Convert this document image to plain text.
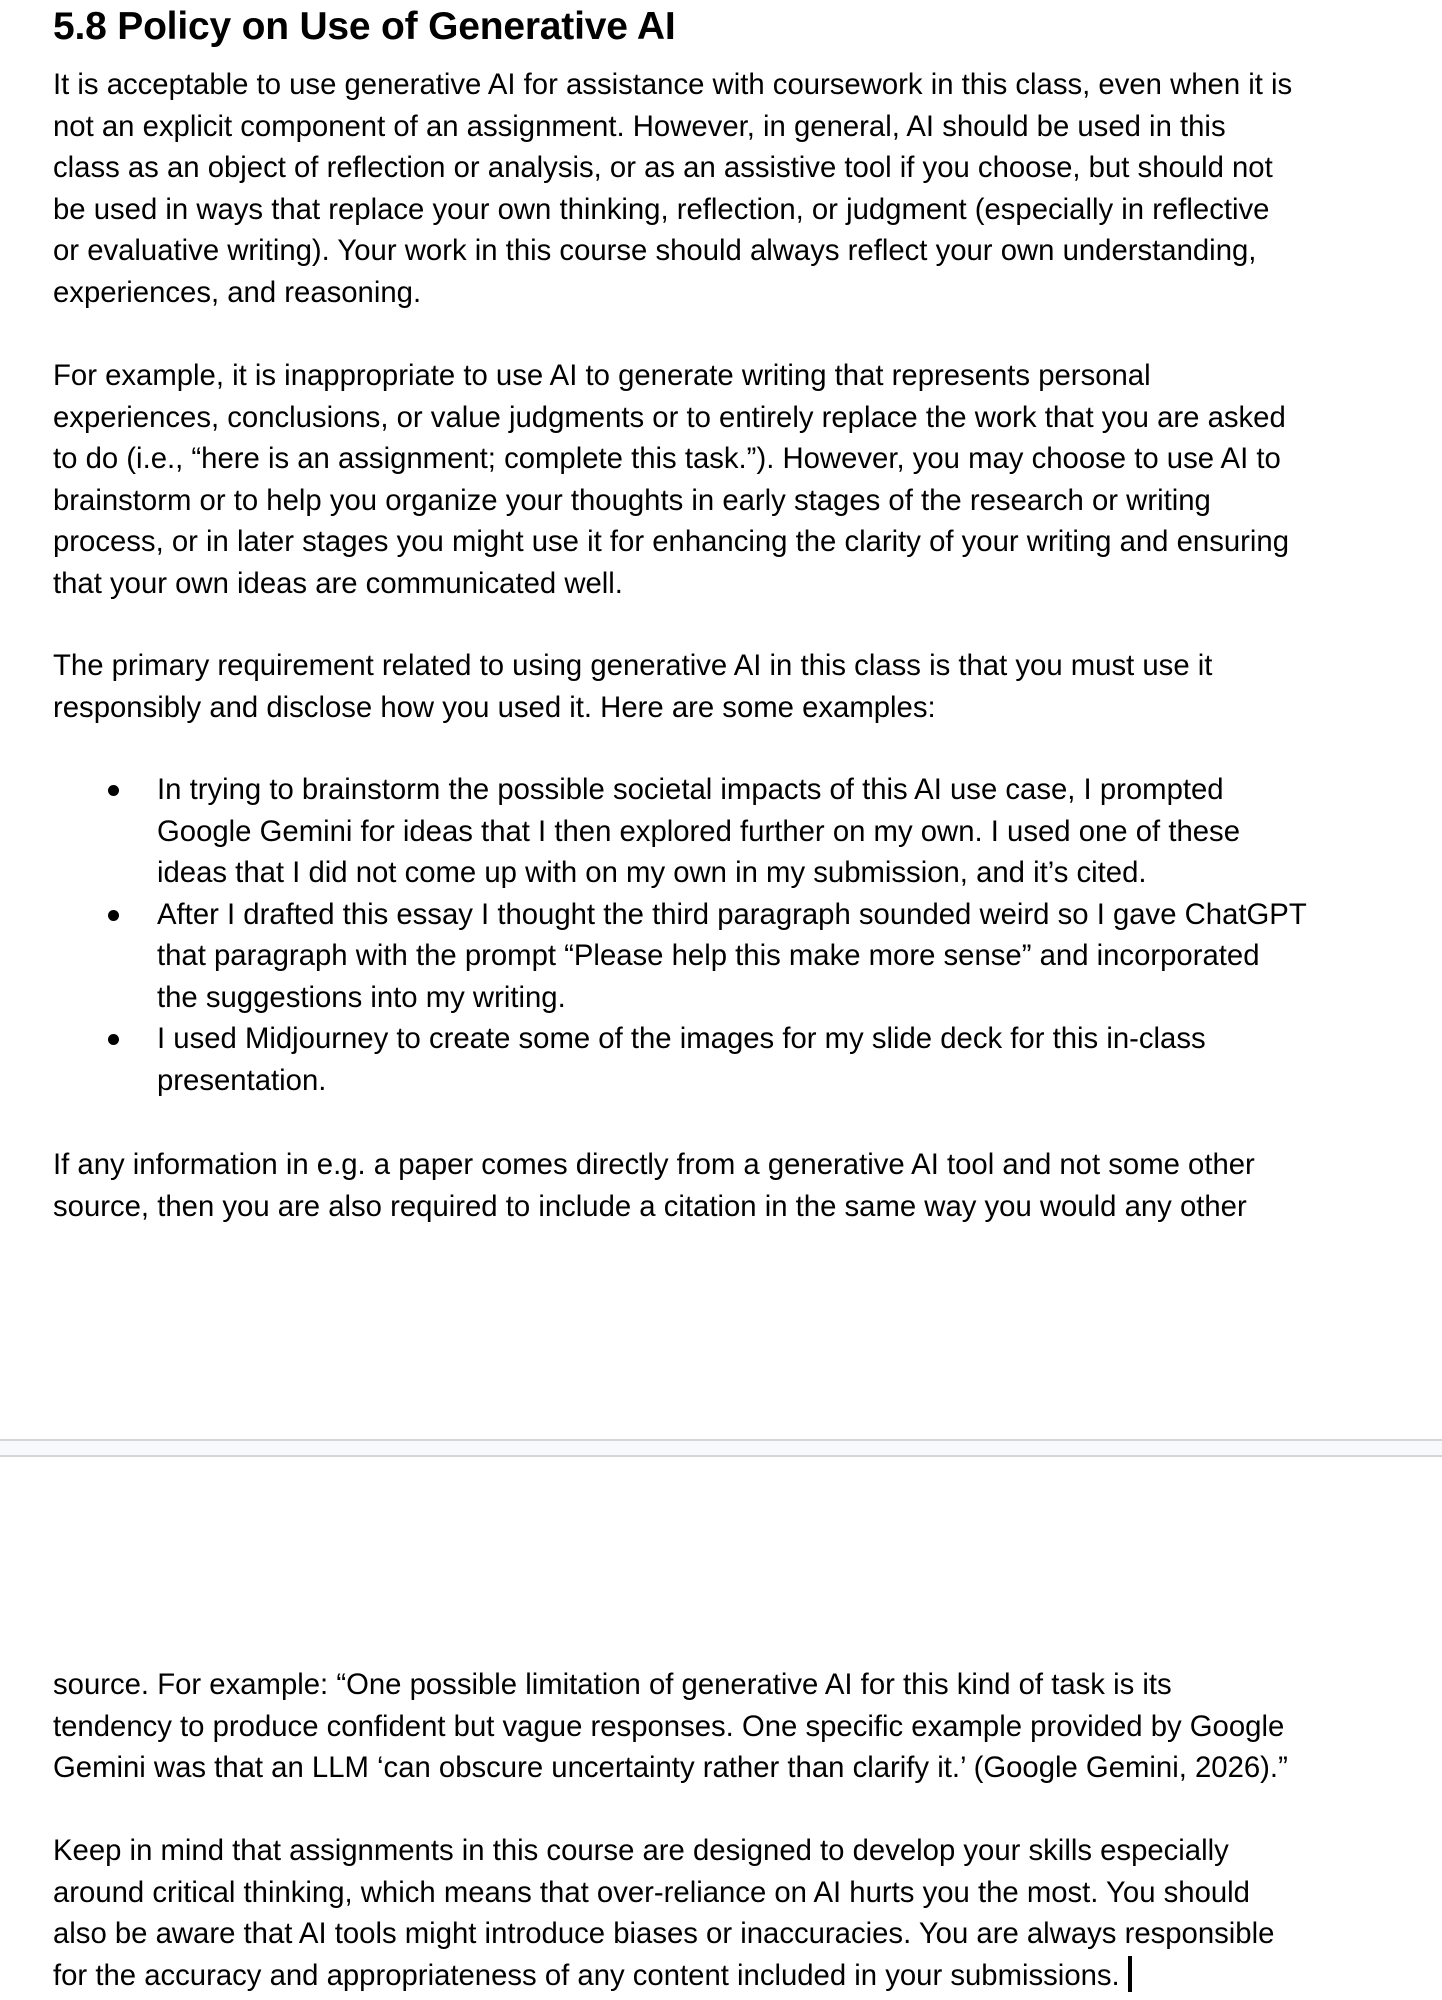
5.8 Policy on Use of Generative AI

It is acceptable to use generative AI for assistance with coursework in this class, even when it is
not an explicit component of an assignment. However, in general, AI should be used in this
class as an object of reflection or analysis, or as an assistive tool if you choose, but should not
be used in ways that replace your own thinking, reflection, or judgment (especially in reflective
or evaluative writing). Your work in this course should always reflect your own understanding,
experiences, and reasoning.

For example, it is inappropriate to use AI to generate writing that represents personal
experiences, conclusions, or value judgments or to entirely replace the work that you are asked
to do (i.e., “here is an assignment; complete this task.”). However, you may choose to use AI to
brainstorm or to help you organize your thoughts in early stages of the research or writing
process, or in later stages you might use it for enhancing the clarity of your writing and ensuring
that your own ideas are communicated well.

The primary requirement related to using generative AI in this class is that you must use it
responsibly and disclose how you used it. Here are some examples:

In trying to brainstorm the possible societal impacts of this AI use case, I prompted
Google Gemini for ideas that I then explored further on my own. I used one of these
ideas that I did not come up with on my own in my submission, and it’s cited.
After I drafted this essay I thought the third paragraph sounded weird so I gave ChatGPT
that paragraph with the prompt “Please help this make more sense” and incorporated
the suggestions into my writing.
I used Midjourney to create some of the images for my slide deck for this in-class
presentation.

If any information in e.g. a paper comes directly from a generative AI tool and not some other
source, then you are also required to include a citation in the same way you would any other

source. For example: “One possible limitation of generative AI for this kind of task is its
tendency to produce confident but vague responses. One specific example provided by Google
Gemini was that an LLM ‘can obscure uncertainty rather than clarify it.’ (Google Gemini, 2026).”

Keep in mind that assignments in this course are designed to develop your skills especially
around critical thinking, which means that over-reliance on AI hurts you the most. You should
also be aware that AI tools might introduce biases or inaccuracies. You are always responsible
for the accuracy and appropriateness of any content included in your submissions.
